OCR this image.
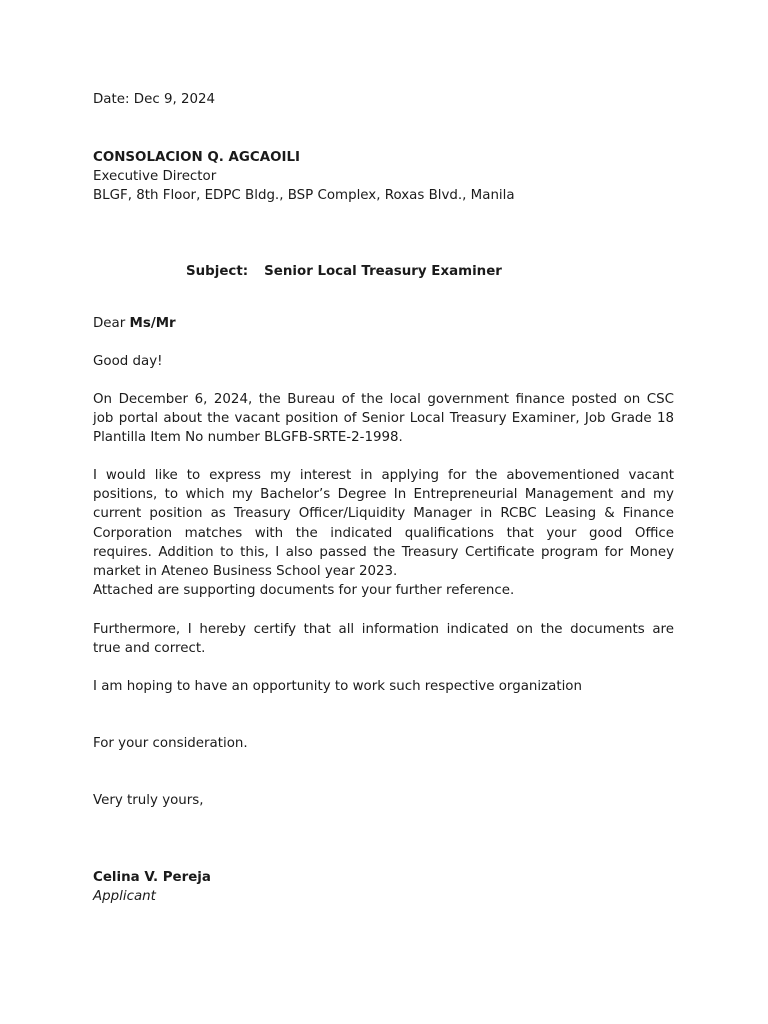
Date: Dec 9, 2024
CONSOLACION Q. AGCAOILI
Executive Director
BLGF, 8th Floor, EDPC Bldg., BSP Complex, Roxas Blvd., Manila
Subject: Senior Local Treasury Examiner
Dear Ms/Mr
Good day!
On December 6, 2024, the Bureau of the local government finance posted on CSC
job portal about the vacant position of Senior Local Treasury Examiner, Job Grade 18
Plantilla Item No number BLGFB-SRTE-2-1998.
I would like to express my interest in applying for the abovementioned vacant
positions, to which my Bachelor’s Degree In Entrepreneurial Management and my
current position as Treasury Officer/Liquidity Manager in RCBC Leasing & Finance
Corporation matches with the indicated qualifications that your good Office
requires. Addition to this, I also passed the Treasury Certificate program for Money
market in Ateneo Business School year 2023.
Attached are supporting documents for your further reference.
Furthermore, I hereby certify that all information indicated on the documents are
true and correct.
I am hoping to have an opportunity to work such respective organization
For your consideration.
Very truly yours,
Celina V. Pereja
Applicant
